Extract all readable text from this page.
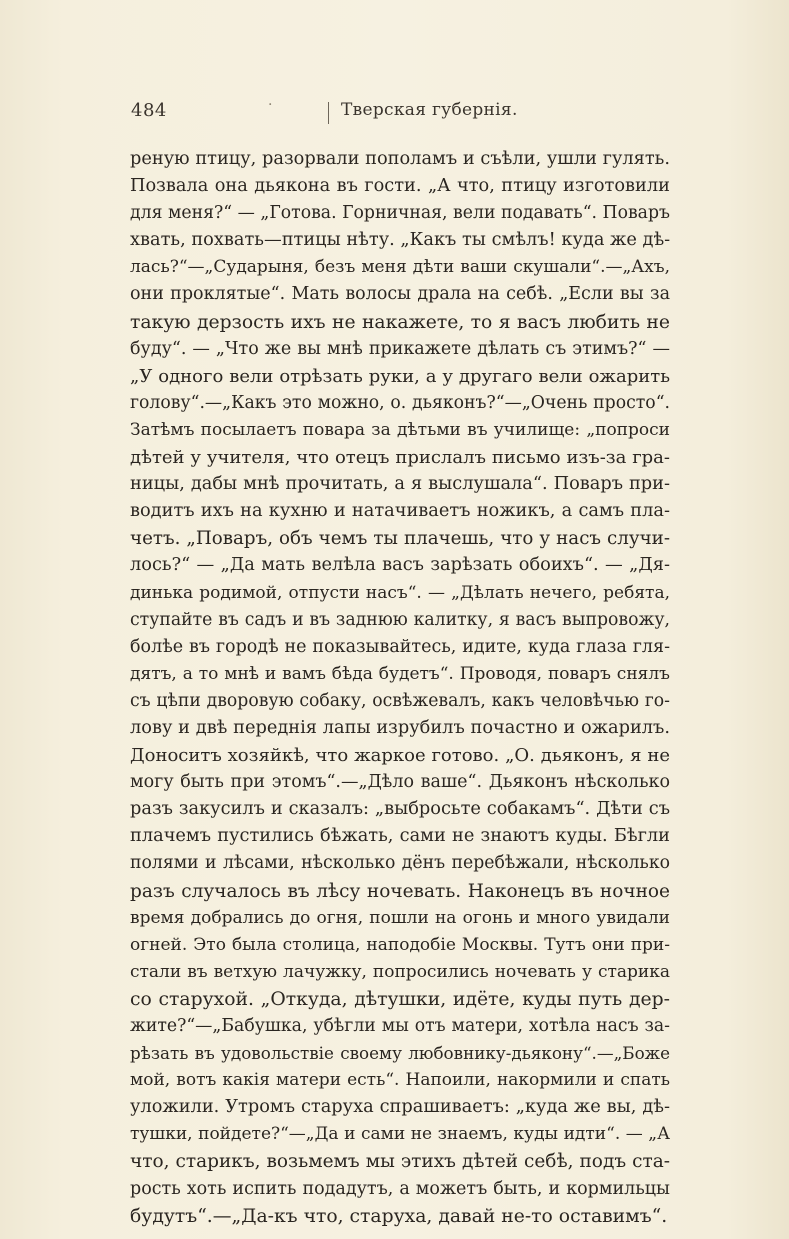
484	·	Тверская губернія.
реную птицу, разорвали пополамъ и съѣли, ушли гулять.
Позвала она дьякона въ гости. „А что, птицу изготовили
для меня?“ — „Готова. Горничная, вели подавать“. Поваръ
хвать, похвать—птицы нѣту. „Какъ ты смѣлъ! куда же дѣ-
лась?“—„Сударыня, безъ меня дѣти ваши скушали“.—„Ахъ,
они проклятые“. Мать волосы драла на себѣ. „Если вы за
такую дерзость ихъ не накажете, то я васъ любить не
буду“. — „Что же вы мнѣ прикажете дѣлать съ этимъ?“ —
„У одного вели отрѣзать руки, а у другаго вели ожарить
голову“.—„Какъ это можно, о. дьяконъ?“—„Очень просто“.
Затѣмъ посылаетъ повара за дѣтьми въ училище: „попроси
дѣтей у учителя, что отецъ прислалъ письмо изъ-за гра-
ницы, дабы мнѣ прочитать, а я выслушала“. Поваръ при-
водитъ ихъ на кухню и натачиваетъ ножикъ, а самъ пла-
четъ. „Поваръ, объ чемъ ты плачешь, что у насъ случи-
лось?“ — „Да мать велѣла васъ зарѣзать обоихъ“. — „Дя-
динька родимой, отпусти насъ“. — „Дѣлать нечего, ребята,
ступайте въ садъ и въ заднюю калитку, я васъ выпровожу,
болѣе въ городѣ не показывайтесь, идите, куда глаза гля-
дятъ, а то мнѣ и вамъ бѣда будетъ“. Проводя, поваръ снялъ
съ цѣпи дворовую собаку, освѣжевалъ, какъ человѣчью го-
лову и двѣ переднія лапы изрубилъ почастно и ожарилъ.
Доноситъ хозяйкѣ, что жаркое готово. „О. дьяконъ, я не
могу быть при этомъ“.—„Дѣло ваше“. Дьяконъ нѣсколько
разъ закусилъ и сказалъ: „выбросьте собакамъ“. Дѣти съ
плачемъ пустились бѣжать, сами не знаютъ куды. Бѣгли
полями и лѣсами, нѣсколько дёнъ перебѣжали, нѣсколько
разъ случалось въ лѣсу ночевать. Наконецъ въ ночное
время добрались до огня, пошли на огонь и много увидали
огней. Это была столица, наподобіе Москвы. Тутъ они при-
стали въ ветхую лачужку, попросились ночевать у старика
со старухой. „Откуда, дѣтушки, идёте, куды путь дер-
жите?“—„Бабушка, убѣгли мы отъ матери, хотѣла насъ за-
рѣзать въ удовольствіе своему любовнику-дьякону“.—„Боже
мой, вотъ какія матери есть“. Напоили, накормили и спать
уложили. Утромъ старуха спрашиваетъ: „куда же вы, дѣ-
тушки, пойдете?“—„Да и сами не знаемъ, куды идти“. — „А
что, старикъ, возьмемъ мы этихъ дѣтей себѣ, подъ ста-
рость хоть испить подадутъ, а можетъ быть, и кормильцы
будутъ“.—„Да-къ что, старуха, давай не-то оставимъ“.
